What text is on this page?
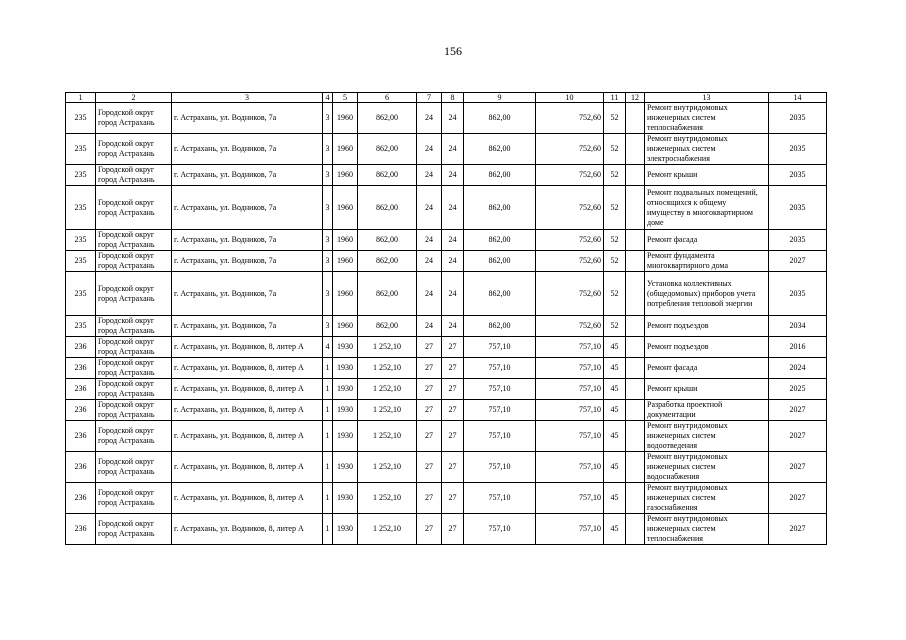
156
1	2	3	4	5	6	7	8	9	10	11	12	13	14
235	Городской округ город Астрахань	г. Астрахань, ул. Водников, 7а	3	1960	862,00	24	24	862,00	752,60	52		Ремонт внутридомовых инженерных систем теплоснабжения	2035
235	Городской округ город Астрахань	г. Астрахань, ул. Водников, 7а	3	1960	862,00	24	24	862,00	752,60	52		Ремонт внутридомовых инженерных систем электроснабжения	2035
235	Городской округ город Астрахань	г. Астрахань, ул. Водников, 7а	3	1960	862,00	24	24	862,00	752,60	52		Ремонт крыши	2035
235	Городской округ город Астрахань	г. Астрахань, ул. Водников, 7а	3	1960	862,00	24	24	862,00	752,60	52		Ремонт подвальных помещений, относящихся к общему имуществу в многоквартирном доме	2035
235	Городской округ город Астрахань	г. Астрахань, ул. Водников, 7а	3	1960	862,00	24	24	862,00	752,60	52		Ремонт фасада	2035
235	Городской округ город Астрахань	г. Астрахань, ул. Водников, 7а	3	1960	862,00	24	24	862,00	752,60	52		Ремонт фундамента многоквартирного дома	2027
235	Городской округ город Астрахань	г. Астрахань, ул. Водников, 7а	3	1960	862,00	24	24	862,00	752,60	52		Установка коллективных (общедомовых) приборов учета потребления тепловой энергии	2035
235	Городской округ город Астрахань	г. Астрахань, ул. Водников, 7а	3	1960	862,00	24	24	862,00	752,60	52		Ремонт подъездов	2034
236	Городской округ город Астрахань	г. Астрахань, ул. Водников, 8, литер А	4	1930	1 252,10	27	27	757,10	757,10	45		Ремонт подъездов	2016
236	Городской округ город Астрахань	г. Астрахань, ул. Водников, 8, литер А	1	1930	1 252,10	27	27	757,10	757,10	45		Ремонт фасада	2024
236	Городской округ город Астрахань	г. Астрахань, ул. Водников, 8, литер А	1	1930	1 252,10	27	27	757,10	757,10	45		Ремонт крыши	2025
236	Городской округ город Астрахань	г. Астрахань, ул. Водников, 8, литер А	1	1930	1 252,10	27	27	757,10	757,10	45		Разработка проектной документации	2027
236	Городской округ город Астрахань	г. Астрахань, ул. Водников, 8, литер А	1	1930	1 252,10	27	27	757,10	757,10	45		Ремонт внутридомовых инженерных систем водоотведения	2027
236	Городской округ город Астрахань	г. Астрахань, ул. Водников, 8, литер А	1	1930	1 252,10	27	27	757,10	757,10	45		Ремонт внутридомовых инженерных систем водоснабжения	2027
236	Городской округ город Астрахань	г. Астрахань, ул. Водников, 8, литер А	1	1930	1 252,10	27	27	757,10	757,10	45		Ремонт внутридомовых инженерных систем газоснабжения	2027
236	Городской округ город Астрахань	г. Астрахань, ул. Водников, 8, литер А	1	1930	1 252,10	27	27	757,10	757,10	45		Ремонт внутридомовых инженерных систем теплоснабжения	2027
